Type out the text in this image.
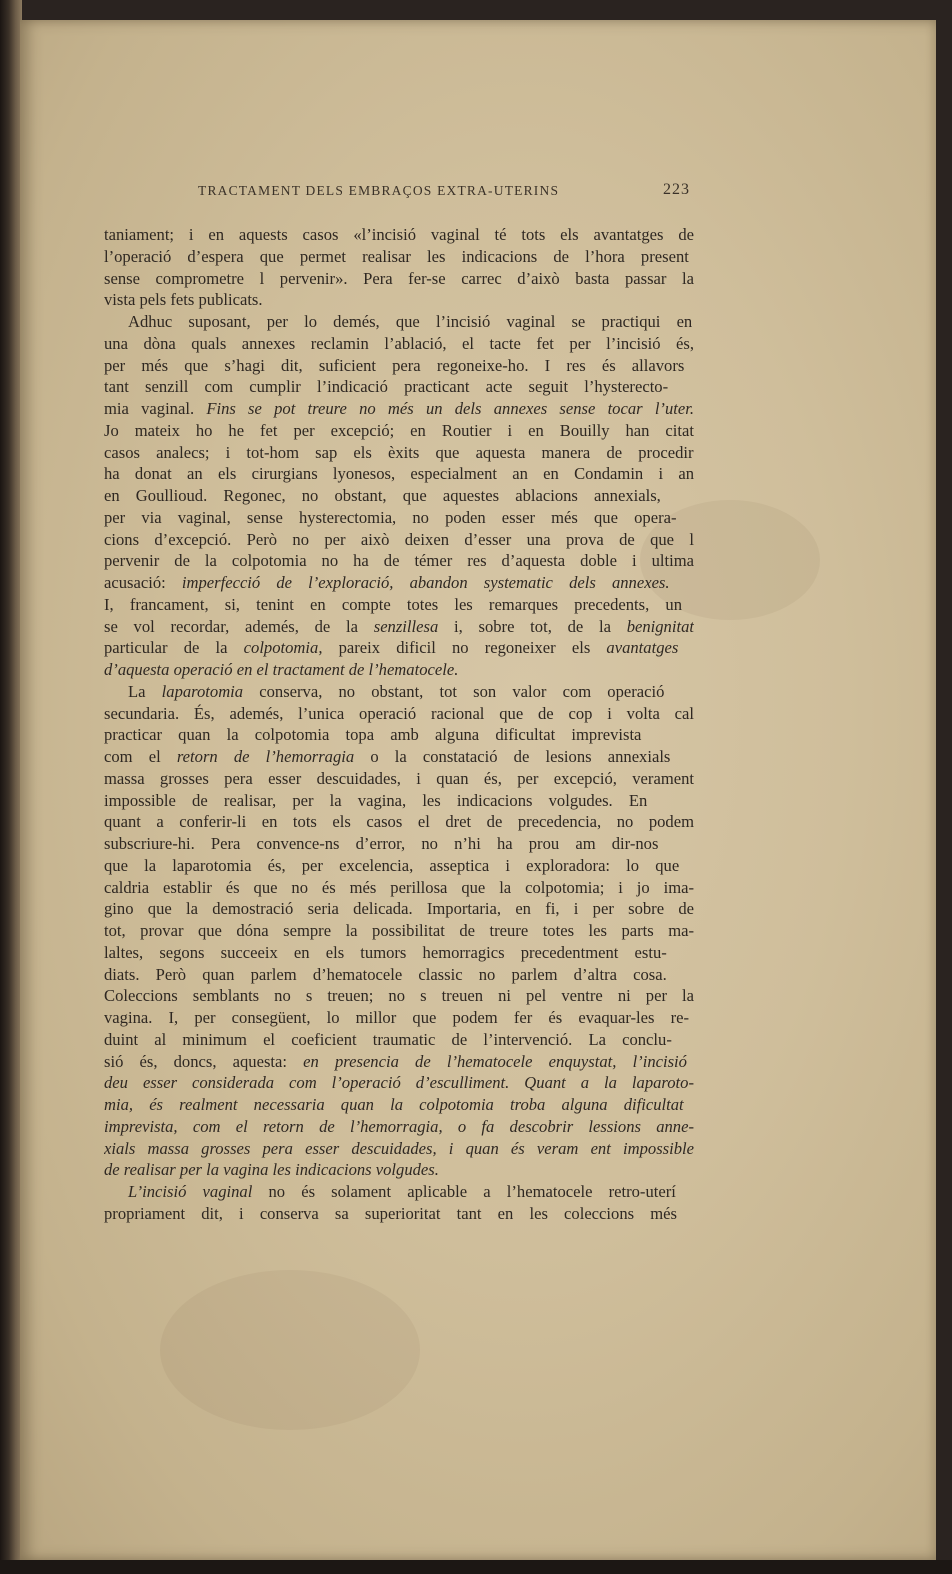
TRACTAMENT DELS EMBRAÇOS EXTRA-UTERINS	223
taniament; i en aquests casos «l’incisió vaginal té tots els avantatges de
l’operació d’espera que permet realisar les indicacions de l’hora present
sense comprometre l pervenir». Pera fer-se carrec d’això basta passar la
vista pels fets publicats.
Adhuc suposant, per lo demés, que l’incisió vaginal se practiqui en
una dòna quals annexes reclamin l’ablació, el tacte fet per l’incisió és,
per més que s’hagi dit, suficient pera regoneixe-ho. I res és allavors
tant senzill com cumplir l’indicació practicant acte seguit l’hysterecto-
mia vaginal. Fins se pot treure no més un dels annexes sense tocar l’uter.
Jo mateix ho he fet per excepció; en Routier i en Bouilly han citat
casos analecs; i tot-hom sap els èxits que aquesta manera de procedir
ha donat an els cirurgians lyonesos, especialment an en Condamin i an
en Goullioud. Regonec, no obstant, que aquestes ablacions annexials,
per via vaginal, sense hysterectomia, no poden esser més que opera-
cions d’excepció. Però no per això deixen d’esser una prova de que l
pervenir de la colpotomia no ha de témer res d’aquesta doble i ultima
acusació: imperfecció de l’exploració, abandon systematic dels annexes.
I, francament, si, tenint en compte totes les remarques precedents, un
se vol recordar, ademés, de la senzillesa i, sobre tot, de la benignitat
particular de la colpotomia, pareix dificil no regoneixer els avantatges
d’aquesta operació en el tractament de l’hematocele.
La laparotomia conserva, no obstant, tot son valor com operació
secundaria. És, ademés, l’unica operació racional que de cop i volta cal
practicar quan la colpotomia topa amb alguna dificultat imprevista
com el retorn de l’hemorragia o la constatació de lesions annexials
massa grosses pera esser descuidades, i quan és, per excepció, verament
impossible de realisar, per la vagina, les indicacions volgudes. En
quant a conferir-li en tots els casos el dret de precedencia, no podem
subscriure-hi. Pera convence-ns d’error, no n’hi ha prou am dir-nos
que la laparotomia és, per excelencia, asseptica i exploradora: lo que
caldria establir és que no és més perillosa que la colpotomia; i jo ima-
gino que la demostració seria delicada. Importaria, en fi, i per sobre de
tot, provar que dóna sempre la possibilitat de treure totes les parts ma-
laltes, segons succeeix en els tumors hemorragics precedentment estu-
diats. Però quan parlem d’hematocele classic no parlem d’altra cosa.
Coleccions semblants no s treuen; no s treuen ni pel ventre ni per la
vagina. I, per consegüent, lo millor que podem fer és evaquar-les re-
duint al minimum el coeficient traumatic de l’intervenció. La conclu-
sió és, doncs, aquesta: en presencia de l’hematocele enquystat, l’incisió
deu esser considerada com l’operació d’esculliment. Quant a la laparoto-
mia, és realment necessaria quan la colpotomia troba alguna dificultat
imprevista, com el retorn de l’hemorragia, o fa descobrir lessions anne-
xials massa grosses pera esser descuidades, i quan és veram ent impossible
de realisar per la vagina les indicacions volgudes.
L’incisió vaginal no és solament aplicable a l’hematocele retro-uterí
propriament dit, i conserva sa superioritat tant en les coleccions més
